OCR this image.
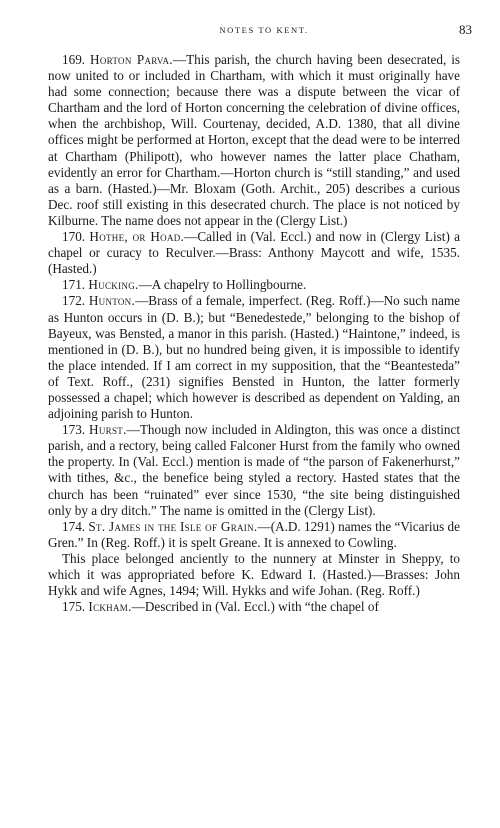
NOTES TO KENT.	83

169. Horton Parva.—This parish, the church having been desecrated, is now united to or included in Chartham, with which it must originally have had some connection; because there was a dispute between the vicar of Chartham and the lord of Horton concerning the celebration of divine offices, when the archbishop, Will. Courtenay, decided, A.D. 1380, that all divine offices might be performed at Horton, except that the dead were to be interred at Chartham (Philipott), who however names the latter place Chatham, evidently an error for Chartham.—Horton church is “still standing,” and used as a barn. (Hasted.)—Mr. Bloxam (Goth. Archit., 205) describes a curious Dec. roof still existing in this desecrated church. The place is not noticed by Kilburne. The name does not appear in the (Clergy List.)

170. Hothe, or Hoad.—Called in (Val. Eccl.) and now in (Clergy List) a chapel or curacy to Reculver.—Brass: Anthony Maycott and wife, 1535. (Hasted.)

171. Hucking.—A chapelry to Hollingbourne.

172. Hunton.—Brass of a female, imperfect. (Reg. Roff.)—No such name as Hunton occurs in (D. B.); but “Benedestede,” belonging to the bishop of Bayeux, was Bensted, a manor in this parish. (Hasted.) “Haintone,” indeed, is mentioned in (D. B.), but no hundred being given, it is impossible to identify the place intended. If I am correct in my supposition, that the “Beantesteda” of Text. Roff., (231) signifies Bensted in Hunton, the latter formerly possessed a chapel; which however is described as dependent on Yalding, an adjoining parish to Hunton.

173. Hurst.—Though now included in Aldington, this was once a distinct parish, and a rectory, being called Falconer Hurst from the family who owned the property. In (Val. Eccl.) mention is made of “the parson of Fakenerhurst,” with tithes, &c., the benefice being styled a rectory. Hasted states that the church has been “ruinated” ever since 1530, “the site being distinguished only by a dry ditch.” The name is omitted in the (Clergy List).

174. St. James in the Isle of Grain.—(A.D. 1291) names the “Vicarius de Gren.” In (Reg. Roff.) it is spelt Greane. It is annexed to Cowling.

This place belonged anciently to the nunnery at Minster in Sheppy, to which it was appropriated before K. Edward I. (Hasted.)—Brasses: John Hykk and wife Agnes, 1494; Will. Hykks and wife Johan. (Reg. Roff.)

175. Ickham.—Described in (Val. Eccl.) with “the chapel of
